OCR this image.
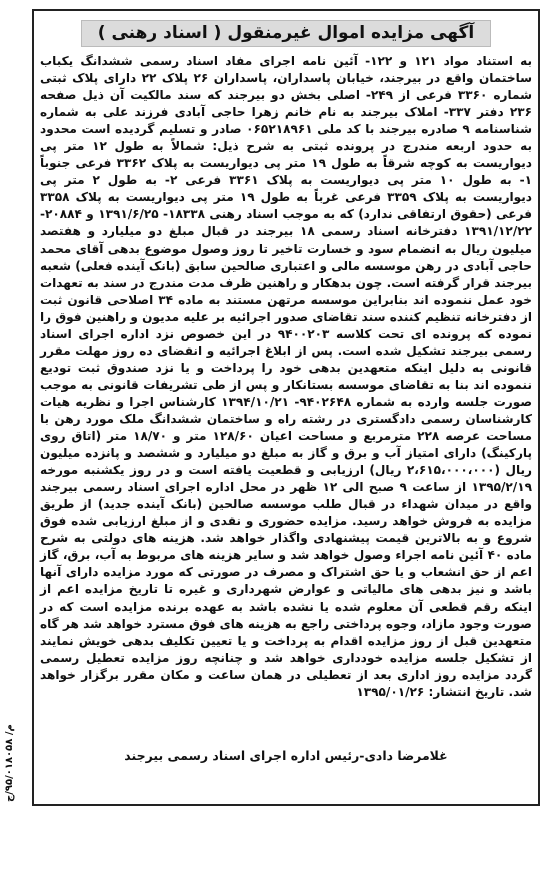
آگهی مزایده اموال غیرمنقول ( اسناد رهنی )
به استناد مواد ۱۲۱ و ۱۲۲- آئین نامه اجرای مفاد اسناد رسمی ششدانگ یکباب ساختمان واقع در بیرجند، خیابان پاسداران، پاسداران ۲۶ پلاک ۲۲ دارای پلاک ثبتی شماره ۳۳۶۰ فرعی از ۲۴۹- اصلی بخش دو بیرجند که سند مالکیت آن ذیل صفحه ۲۳۶ دفتر ۳۳۷- املاک بیرجند به نام خانم زهرا حاجی آبادی فرزند علی به شماره شناسنامه ۹ صادره بیرجند با کد ملی ۰۶۵۲۱۸۹۶۱ صادر و تسلیم گردیده است محدود به حدود اربعه مندرج در پرونده ثبتی به شرح ذیل: شمالاً به طول ۱۲ متر پی دیواریست به کوچه شرقاً به طول ۱۹ متر پی دیواریست به پلاک ۳۳۶۲ فرعی جنوباً ۱- به طول ۱۰ متر پی دیواریست به پلاک ۳۳۶۱ فرعی ۲- به طول ۲ متر پی دیواریست به پلاک ۳۳۵۹ فرعی غرباً به طول ۱۹ متر پی دیواریست به پلاک ۳۳۵۸ فرعی (حقوق ارتفاقی ندارد) که به موجب اسناد رهنی ۱۸۳۳۸- ۱۳۹۱/۶/۲۵ و ۲۰۸۸۴- ۱۳۹۱/۱۲/۲۲ دفترخانه اسناد رسمی ۱۸ بیرجند در قبال مبلغ دو میلیارد و هفتصد میلیون ریال به انضمام سود و خسارت تاخیر تا روز وصول موضوع بدهی آقای محمد حاجی آبادی در رهن موسسه مالی و اعتباری صالحین سابق (بانک آینده فعلی) شعبه بیرجند قرار گرفته است. چون بدهکار و راهنین ظرف مدت مندرج در سند به تعهدات خود عمل ننموده اند بنابراین موسسه مرتهن مستند به ماده ۳۴ اصلاحی قانون ثبت از دفترخانه تنظیم کننده سند تقاضای صدور اجرائیه بر علیه مدیون و راهنین فوق را نموده که پرونده ای تحت کلاسه ۹۴۰۰۲۰۳ در این خصوص نزد اداره اجرای اسناد رسمی بیرجند تشکیل شده است. پس از ابلاغ اجرائیه و انقضای ده روز مهلت مقرر قانونی به دلیل اینکه متعهدین بدهی خود را پرداخت و یا نزد صندوق ثبت تودیع ننموده اند بنا به تقاضای موسسه بستانکار و پس از طی تشریفات قانونی به موجب صورت جلسه وارده به شماره ۹۴۰۲۶۴۸- ۱۳۹۴/۱۰/۲۱ کارشناس اجرا و نظریه هیات کارشناسان رسمی دادگستری در رشته راه و ساختمان ششدانگ ملک مورد رهن با مساحت عرصه ۲۲۸ مترمربع و مساحت اعیان ۱۲۸/۶۰ متر و ۱۸/۷۰ متر (اتاق روی پارکینگ) دارای امتیاز آب و برق و گاز به مبلغ دو میلیارد و ششصد و پانزده میلیون ریال (۲،۶۱۵،۰۰۰،۰۰۰ ریال) ارزیابی و قطعیت یافته است و در روز یکشنبه مورخه ۱۳۹۵/۲/۱۹ از ساعت ۹ صبح الی ۱۲ ظهر در محل اداره اجرای اسناد رسمی بیرجند واقع در میدان شهداء در قبال طلب موسسه صالحین (بانک آینده جدید) از طریق مزایده به فروش خواهد رسید. مزایده حضوری و نقدی و از مبلغ ارزیابی شده فوق شروع و به بالاترین قیمت پیشنهادی واگذار خواهد شد. هزینه های دولتی به شرح ماده ۴۰ آئین نامه اجراء وصول خواهد شد و سایر هزینه های مربوط به آب، برق، گاز اعم از حق انشعاب و یا حق اشتراک و مصرف در صورتی که مورد مزایده دارای آنها باشد و نیز بدهی های مالیاتی و عوارض شهرداری و غیره تا تاریخ مزایده اعم از اینکه رقم قطعی آن معلوم شده یا نشده باشد به عهده برنده مزایده است که در صورت وجود مازاد، وجوه پرداختی راجع به هزینه های فوق مسترد خواهد شد هر گاه متعهدین قبل از روز مزایده اقدام به پرداخت و یا تعیین تکلیف بدهی خویش نمایند از تشکیل جلسه مزایده خودداری خواهد شد و چنانچه روز مزایده تعطیل رسمی گردد مزایده روز اداری بعد از تعطیلی در همان ساعت و مکان مقرر برگزار خواهد شد. تاریخ انتشار: ۱۳۹۵/۰۱/۲۶
غلامرضا دادی-رئیس اداره اجرای اسناد رسمی بیرجند
م/ ۹۵/۰۱۸۰۵۸/ج
